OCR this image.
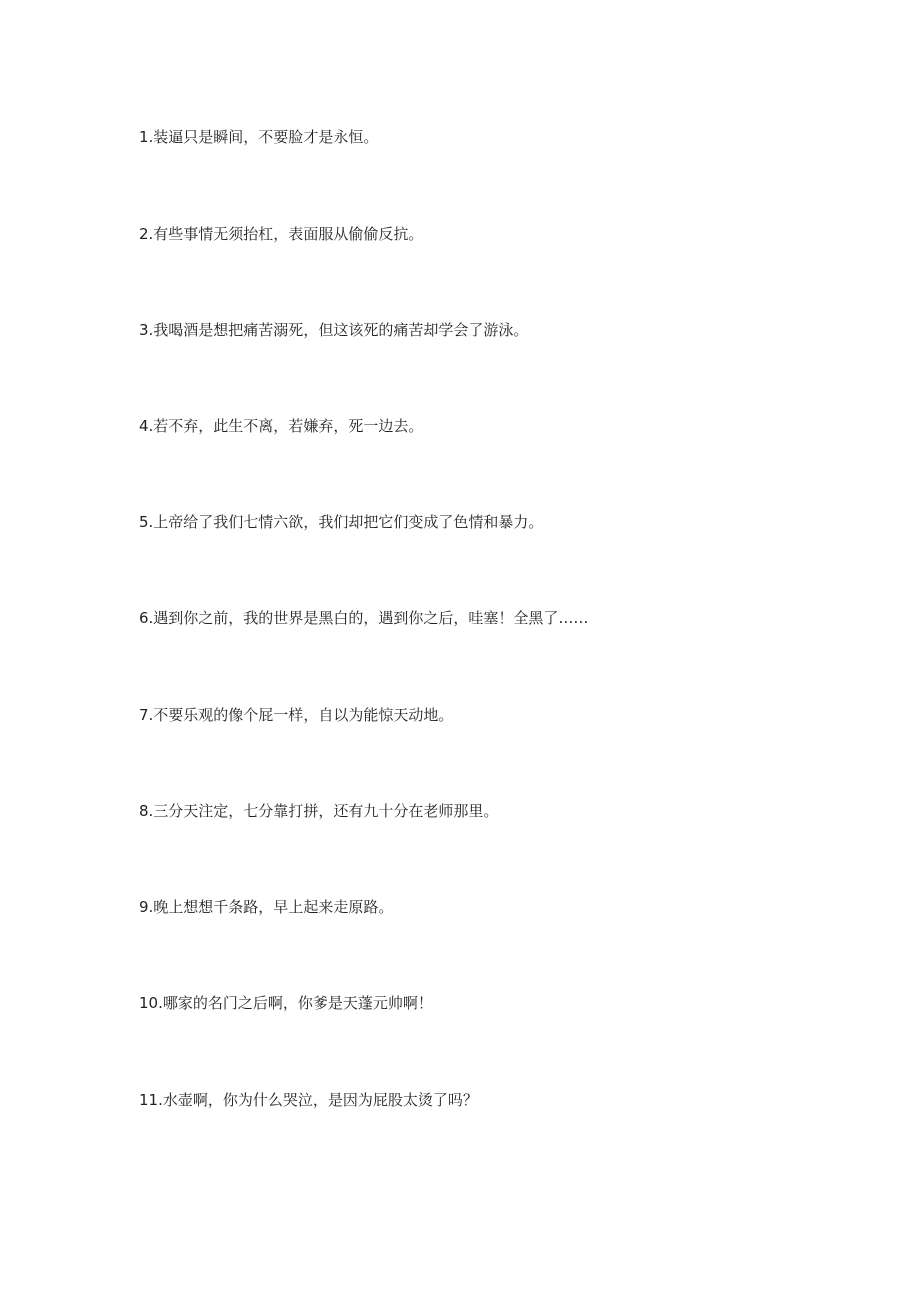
1.装逼只是瞬间，不要脸才是永恒。
2.有些事情无须抬杠，表面服从偷偷反抗。
3.我喝酒是想把痛苦溺死，但这该死的痛苦却学会了游泳。
4.若不弃，此生不离，若嫌弃，死一边去。
5.上帝给了我们七情六欲，我们却把它们变成了色情和暴力。
6.遇到你之前，我的世界是黑白的，遇到你之后，哇塞！全黑了……
7.不要乐观的像个屁一样，自以为能惊天动地。
8.三分天注定，七分靠打拼，还有九十分在老师那里。
9.晚上想想千条路，早上起来走原路。
10.哪家的名门之后啊，你爹是天蓬元帅啊！
11.水壶啊，你为什么哭泣，是因为屁股太烫了吗？
